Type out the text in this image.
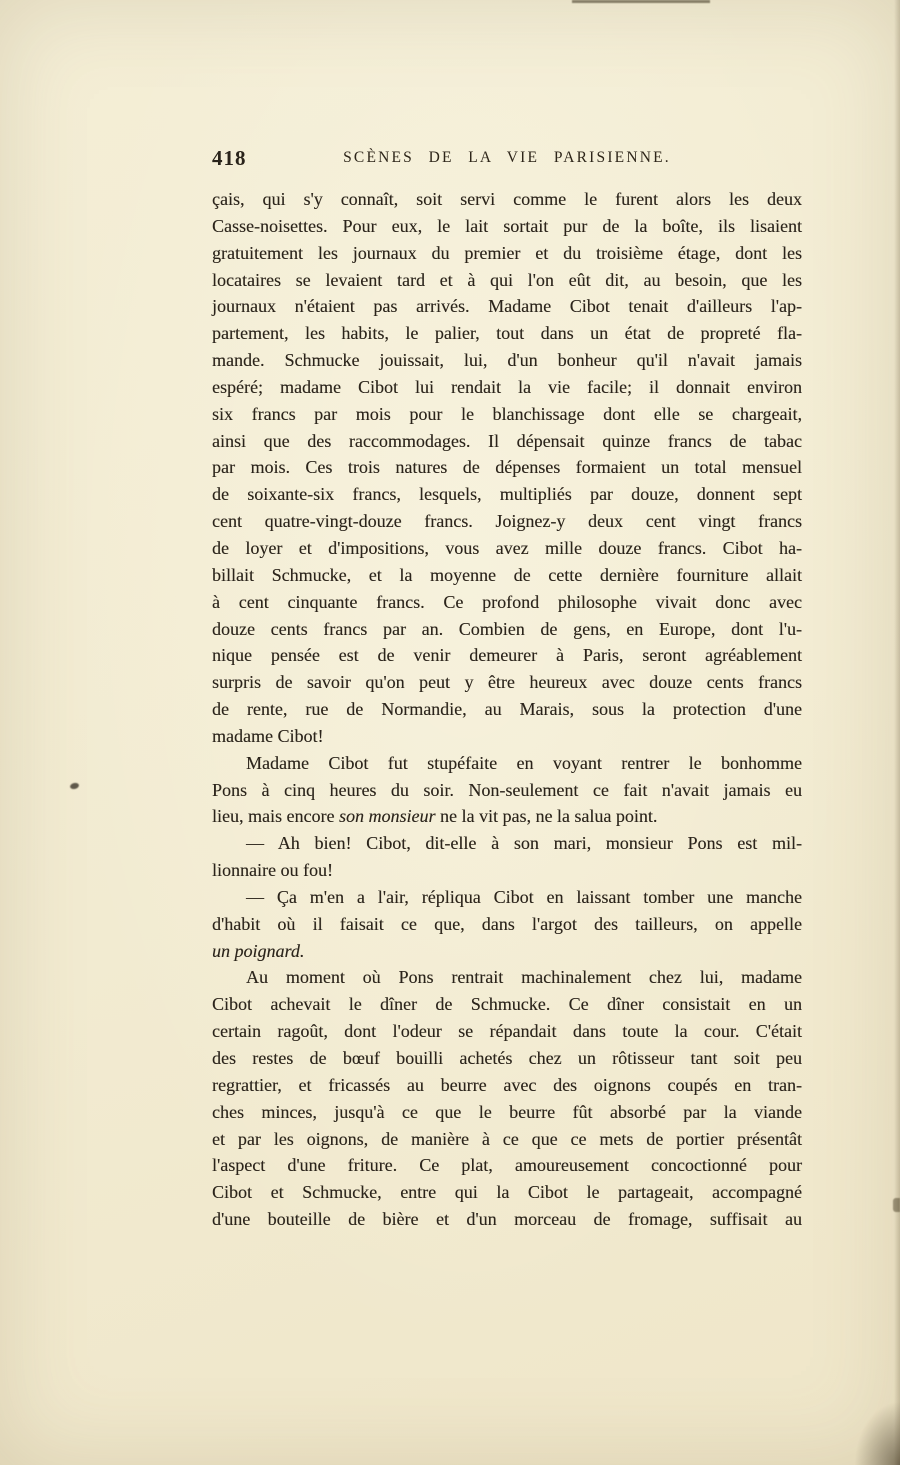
418	SCÈNES DE LA VIE PARISIENNE.
çais, qui s'y connaît, soit servi comme le furent alors les deux
Casse-noisettes. Pour eux, le lait sortait pur de la boîte, ils lisaient
gratuitement les journaux du premier et du troisième étage, dont les
locataires se levaient tard et à qui l'on eût dit, au besoin, que les
journaux n'étaient pas arrivés. Madame Cibot tenait d'ailleurs l'ap-
partement, les habits, le palier, tout dans un état de propreté fla-
mande. Schmucke jouissait, lui, d'un bonheur qu'il n'avait jamais
espéré; madame Cibot lui rendait la vie facile; il donnait environ
six francs par mois pour le blanchissage dont elle se chargeait,
ainsi que des raccommodages. Il dépensait quinze francs de tabac
par mois. Ces trois natures de dépenses formaient un total mensuel
de soixante-six francs, lesquels, multipliés par douze, donnent sept
cent quatre-vingt-douze francs. Joignez-y deux cent vingt francs
de loyer et d'impositions, vous avez mille douze francs. Cibot ha-
billait Schmucke, et la moyenne de cette dernière fourniture allait
à cent cinquante francs. Ce profond philosophe vivait donc avec
douze cents francs par an. Combien de gens, en Europe, dont l'u-
nique pensée est de venir demeurer à Paris, seront agréablement
surpris de savoir qu'on peut y être heureux avec douze cents francs
de rente, rue de Normandie, au Marais, sous la protection d'une
madame Cibot!
Madame Cibot fut stupéfaite en voyant rentrer le bonhomme
Pons à cinq heures du soir. Non-seulement ce fait n'avait jamais eu
lieu, mais encore son monsieur ne la vit pas, ne la salua point.
— Ah bien! Cibot, dit-elle à son mari, monsieur Pons est mil-
lionnaire ou fou!
— Ça m'en a l'air, répliqua Cibot en laissant tomber une manche
d'habit où il faisait ce que, dans l'argot des tailleurs, on appelle
un poignard.
Au moment où Pons rentrait machinalement chez lui, madame
Cibot achevait le dîner de Schmucke. Ce dîner consistait en un
certain ragoût, dont l'odeur se répandait dans toute la cour. C'était
des restes de bœuf bouilli achetés chez un rôtisseur tant soit peu
regrattier, et fricassés au beurre avec des oignons coupés en tran-
ches minces, jusqu'à ce que le beurre fût absorbé par la viande
et par les oignons, de manière à ce que ce mets de portier présentât
l'aspect d'une friture. Ce plat, amoureusement concoctionné pour
Cibot et Schmucke, entre qui la Cibot le partageait, accompagné
d'une bouteille de bière et d'un morceau de fromage, suffisait au
